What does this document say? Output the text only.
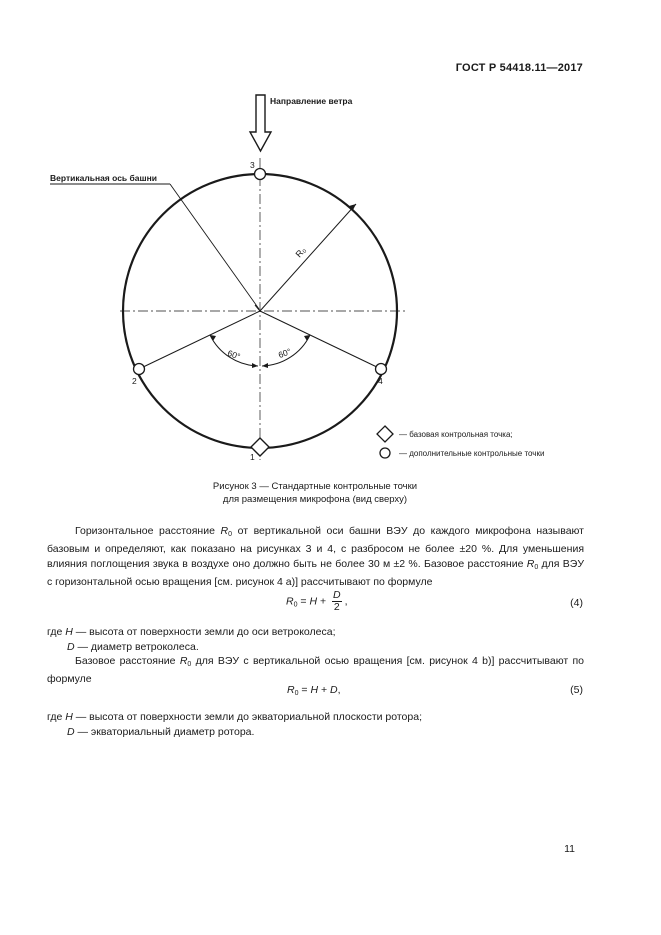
ГОСТ Р 54418.11—2017
Направление ветра
R₀
Вертикальная ось башни
60°	60°
1
2
3
4
— базовая контрольная точка;
— дополнительные контрольные точки
Рисунок 3 — Стандартные контрольные точки
для размещения микрофона (вид сверху)
Горизонтальное расстояние $R_0$ от вертикальной оси башни ВЭУ до каждого микрофона называют базовым и определяют, как показано на рисунках 3 и 4, с разбросом не более ±20 %. Для уменьшения влияния поглощения звука в воздухе оно должно быть не более 30 м ±2 %. Базовое расстояние $R_0$ для ВЭУ с горизонтальной осью вращения [см. рисунок 4 а)] рассчитывают по формуле
$R_0 = H + \frac{D}{2}$ ,	(4)
где H — высота от поверхности земли до оси ветроколеса;
D — диаметр ветроколеса.
Базовое расстояние $R_0$ для ВЭУ с вертикальной осью вращения [см. рисунок 4 b)] рассчитывают по формуле
$R_0 = H + D$,	(5)
где H — высота от поверхности земли до экваториальной плоскости ротора;
D — экваториальный диаметр ротора.
11
